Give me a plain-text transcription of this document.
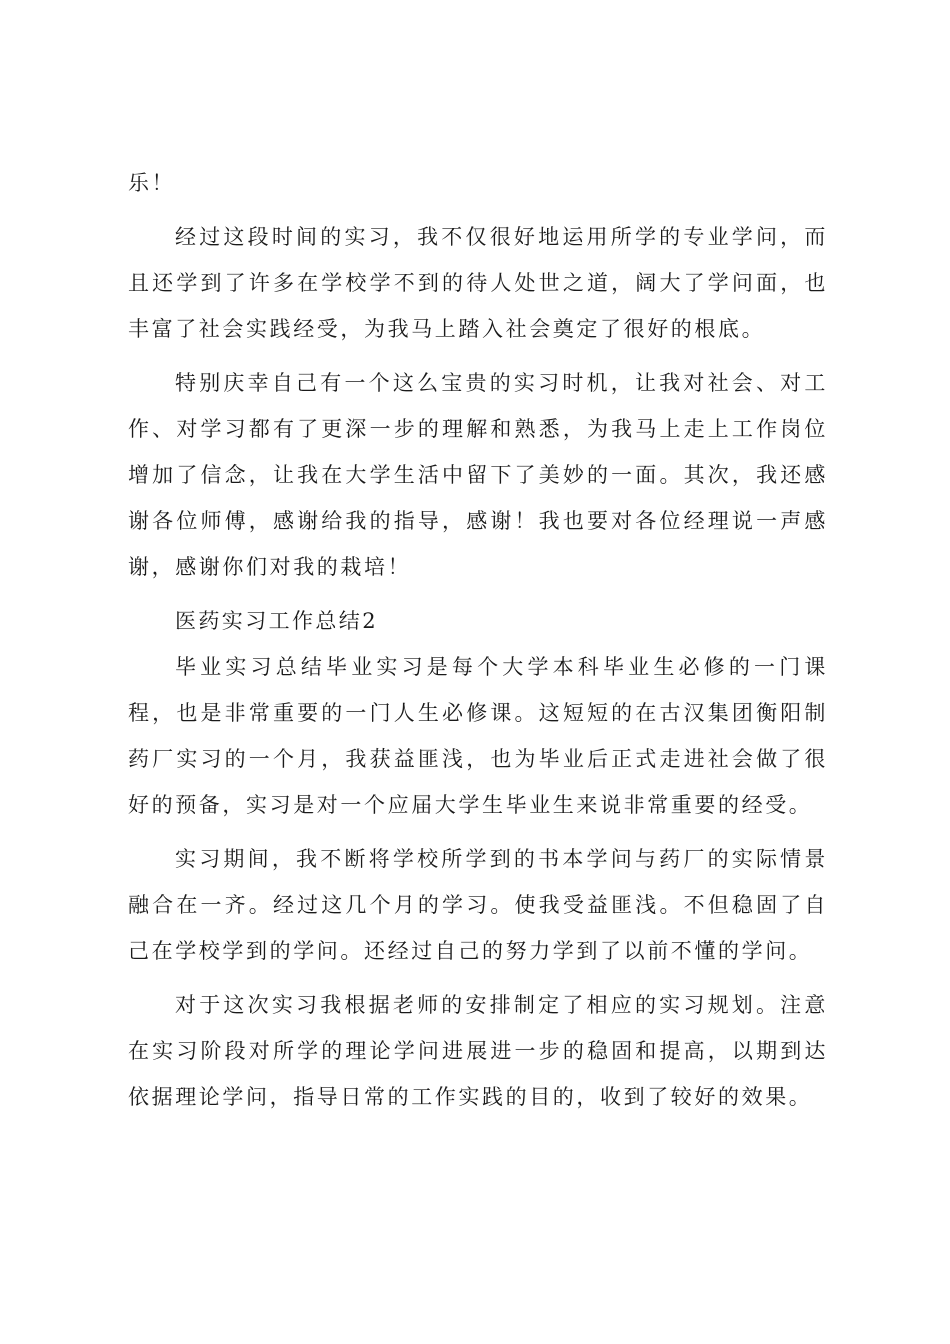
乐！

经过这段时间的实习，我不仅很好地运用所学的专业学问，而且还学到了许多在学校学不到的待人处世之道，阔大了学问面，也丰富了社会实践经受，为我马上踏入社会奠定了很好的根底。

特别庆幸自己有一个这么宝贵的实习时机，让我对社会、对工作、对学习都有了更深一步的理解和熟悉，为我马上走上工作岗位增加了信念，让我在大学生活中留下了美妙的一面。其次，我还感谢各位师傅，感谢给我的指导，感谢！我也要对各位经理说一声感谢，感谢你们对我的栽培！

医药实习工作总结2

毕业实习总结毕业实习是每个大学本科毕业生必修的一门课程，也是非常重要的一门人生必修课。这短短的在古汉集团衡阳制药厂实习的一个月，我获益匪浅，也为毕业后正式走进社会做了很好的预备，实习是对一个应届大学生毕业生来说非常重要的经受。

实习期间，我不断将学校所学到的书本学问与药厂的实际情景融合在一齐。经过这几个月的学习。使我受益匪浅。不但稳固了自己在学校学到的学问。还经过自己的努力学到了以前不懂的学问。

对于这次实习我根据老师的安排制定了相应的实习规划。注意在实习阶段对所学的理论学问进展进一步的稳固和提高，以期到达依据理论学问，指导日常的工作实践的目的，收到了较好的效果。
